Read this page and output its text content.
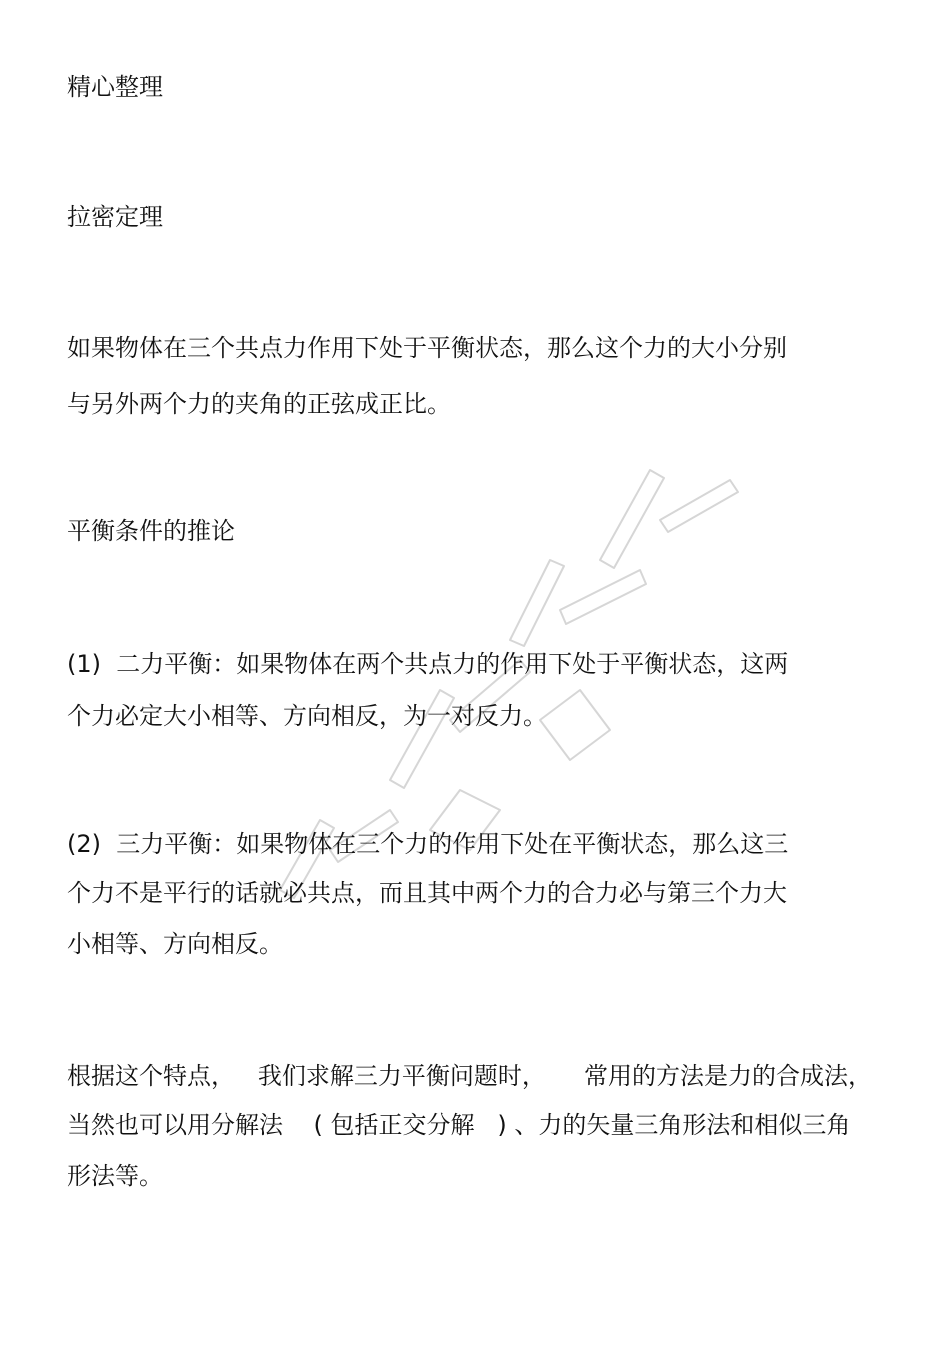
精心整理
拉密定理
如果物体在三个共点力作用下处于平衡状态，那么这个力的大小分别
与另外两个力的夹角的正弦成正比。
平衡条件的推论
(1)  二力平衡：如果物体在两个共点力的作用下处于平衡状态，这两
个力必定大小相等、方向相反，为一对反力。
(2)  三力平衡：如果物体在三个力的作用下处在平衡状态，那么这三
个力不是平行的话就必共点，而且其中两个力的合力必与第三个力大
小相等、方向相反。
根据这个特点，   我们求解三力平衡问题时，     常用的方法是力的合成法，
当然也可以用分解法    ( 包括正交分解   ) 、力的矢量三角形法和相似三角
形法等。
